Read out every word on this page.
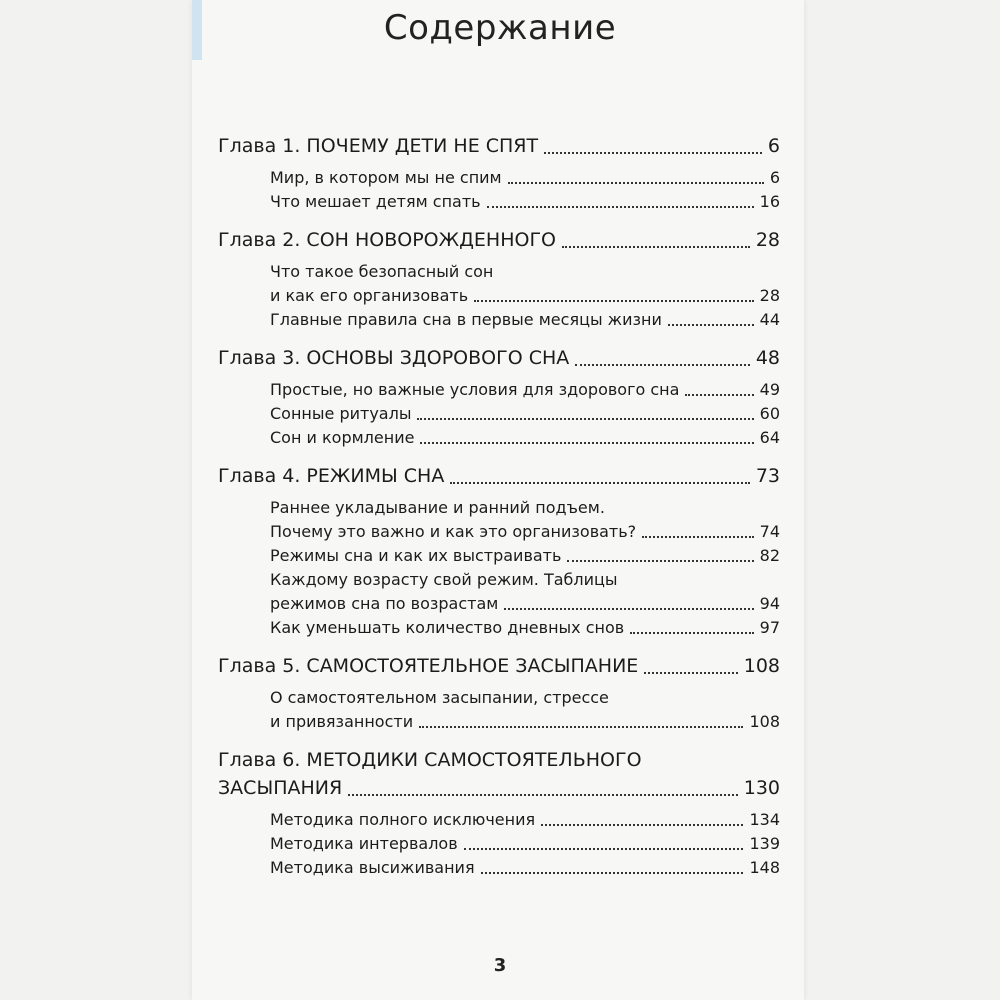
Содержание
Глава 1. ПОЧЕМУ ДЕТИ НЕ СПЯТ	6
Мир, в котором мы не спим	6
Что мешает детям спать	16
Глава 2. СОН НОВОРОЖДЕННОГО	28
Что такое безопасный сон
и как его организовать	28
Главные правила сна в первые месяцы жизни	44
Глава 3. ОСНОВЫ ЗДОРОВОГО СНА	48
Простые, но важные условия для здорового сна	49
Сонные ритуалы	60
Сон и кормление	64
Глава 4. РЕЖИМЫ СНА	73
Раннее укладывание и ранний подъем.
Почему это важно и как это организовать?	74
Режимы сна и как их выстраивать	82
Каждому возрасту свой режим. Таблицы
режимов сна по возрастам	94
Как уменьшать количество дневных снов	97
Глава 5. САМОСТОЯТЕЛЬНОЕ ЗАСЫПАНИЕ	108
О самостоятельном засыпании, стрессе
и привязанности	108
Глава 6. МЕТОДИКИ САМОСТОЯТЕЛЬНОГО
ЗАСЫПАНИЯ	130
Методика полного исключения	134
Методика интервалов	139
Методика высиживания	148
3
